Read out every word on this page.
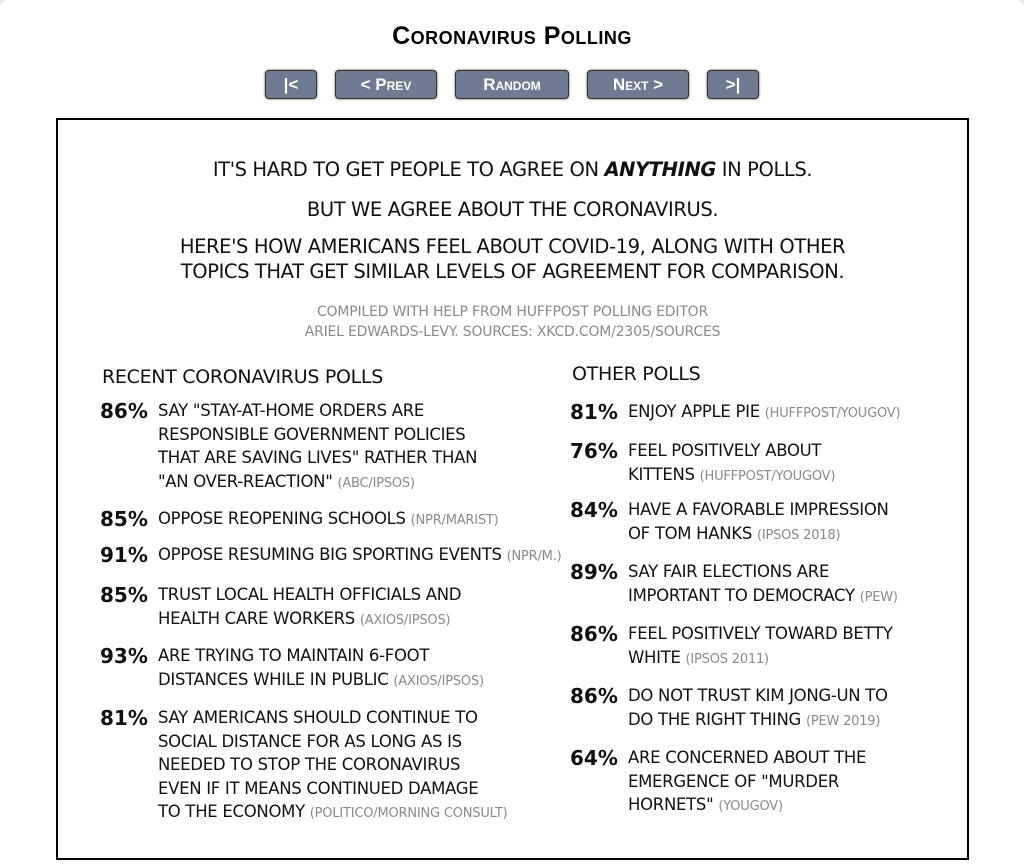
Coronavirus Polling
|<	< Prev	Random	Next >	>|
IT'S HARD TO GET PEOPLE TO AGREE ON ANYTHING IN POLLS.
BUT WE AGREE ABOUT THE CORONAVIRUS.
HERE'S HOW AMERICANS FEEL ABOUT COVID-19, ALONG WITH OTHER
TOPICS THAT GET SIMILAR LEVELS OF AGREEMENT FOR COMPARISON.
COMPILED WITH HELP FROM HUFFPOST POLLING EDITOR
ARIEL EDWARDS-LEVY. SOURCES: XKCD.COM/2305/SOURCES
RECENT CORONAVIRUS POLLS	OTHER POLLS
86% SAY "STAY-AT-HOME ORDERS ARE
RESPONSIBLE GOVERNMENT POLICIES
THAT ARE SAVING LIVES" RATHER THAN
"AN OVER-REACTION" (ABC/IPSOS)
85% OPPOSE REOPENING SCHOOLS (NPR/MARIST)
91% OPPOSE RESUMING BIG SPORTING EVENTS (NPR/M.)
85% TRUST LOCAL HEALTH OFFICIALS AND
HEALTH CARE WORKERS (AXIOS/IPSOS)
93% ARE TRYING TO MAINTAIN 6-FOOT
DISTANCES WHILE IN PUBLIC (AXIOS/IPSOS)
81% SAY AMERICANS SHOULD CONTINUE TO
SOCIAL DISTANCE FOR AS LONG AS IS
NEEDED TO STOP THE CORONAVIRUS
EVEN IF IT MEANS CONTINUED DAMAGE
TO THE ECONOMY (POLITICO/MORNING CONSULT)
81% ENJOY APPLE PIE (HUFFPOST/YOUGOV)
76% FEEL POSITIVELY ABOUT
KITTENS (HUFFPOST/YOUGOV)
84% HAVE A FAVORABLE IMPRESSION
OF TOM HANKS (IPSOS 2018)
89% SAY FAIR ELECTIONS ARE
IMPORTANT TO DEMOCRACY (PEW)
86% FEEL POSITIVELY TOWARD BETTY
WHITE (IPSOS 2011)
86% DO NOT TRUST KIM JONG-UN TO
DO THE RIGHT THING (PEW 2019)
64% ARE CONCERNED ABOUT THE
EMERGENCE OF "MURDER
HORNETS" (YOUGOV)
